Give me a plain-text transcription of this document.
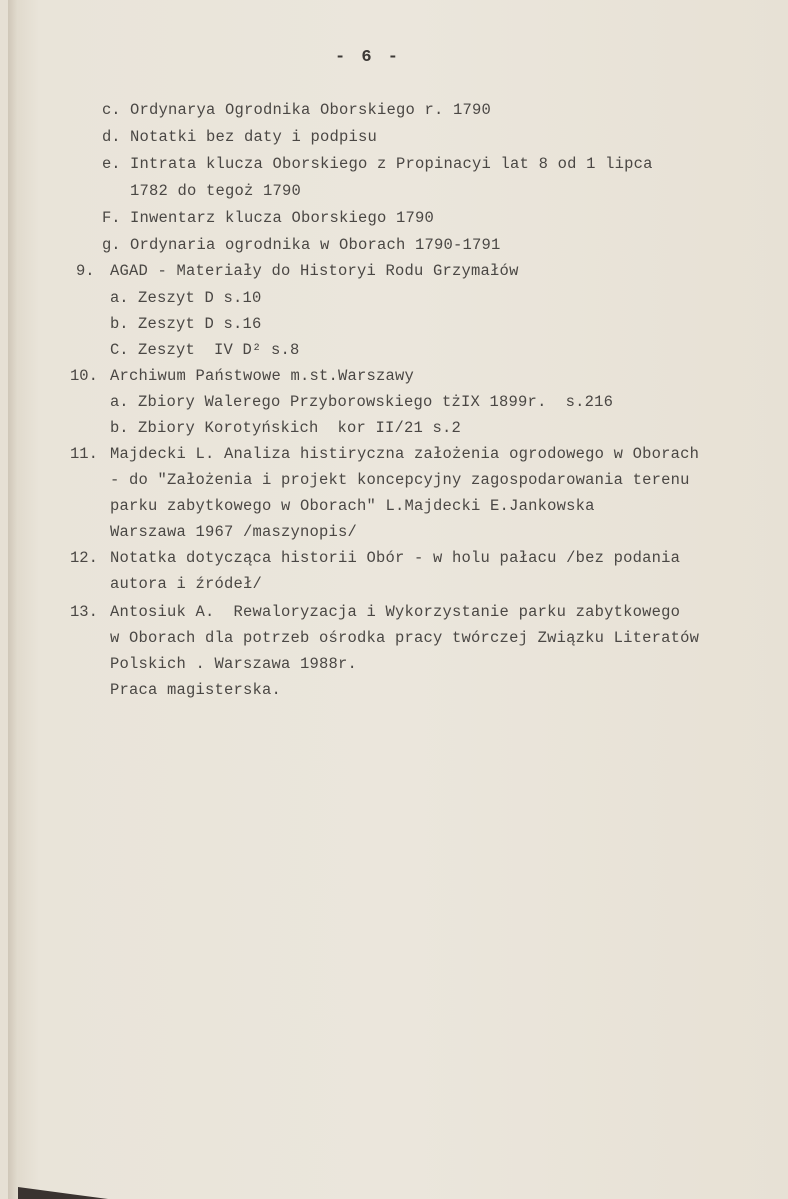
- 6 -
c. Ordynarya Ogrodnika Oborskiego r. 1790
d. Notatki bez daty i podpisu
e. Intrata klucza Oborskiego z Propinacyi lat 8 od 1 lipca
1782 do tegoż 1790
F. Inwentarz klucza Oborskiego 1790
g. Ordynaria ogrodnika w Oborach 1790-1791
9. AGAD - Materiały do Historyi Rodu Grzymałów
a. Zeszyt D s.10
b. Zeszyt D s.16
C. Zeszyt  IV D² s.8
10. Archiwum Państwowe m.st.Warszawy
a. Zbiory Walerego Przyborowskiego tżIX 1899r.  s.216
b. Zbiory Korotyńskich  kor II/21 s.2
11. Majdecki L. Analiza histiryczna założenia ogrodowego w Oborach
- do "Założenia i projekt koncepcyjny zagospodarowania terenu
parku zabytkowego w Oborach" L.Majdecki E.Jankowska
Warszawa 1967 /maszynopis/
12. Notatka dotycząca historii Obór - w holu pałacu /bez podania
autora i źródeł/
13. Antosiuk A.  Rewaloryzacja i Wykorzystanie parku zabytkowego
w Oborach dla potrzeb ośrodka pracy twórczej Związku Literatów
Polskich . Warszawa 1988r.
Praca magisterska.
